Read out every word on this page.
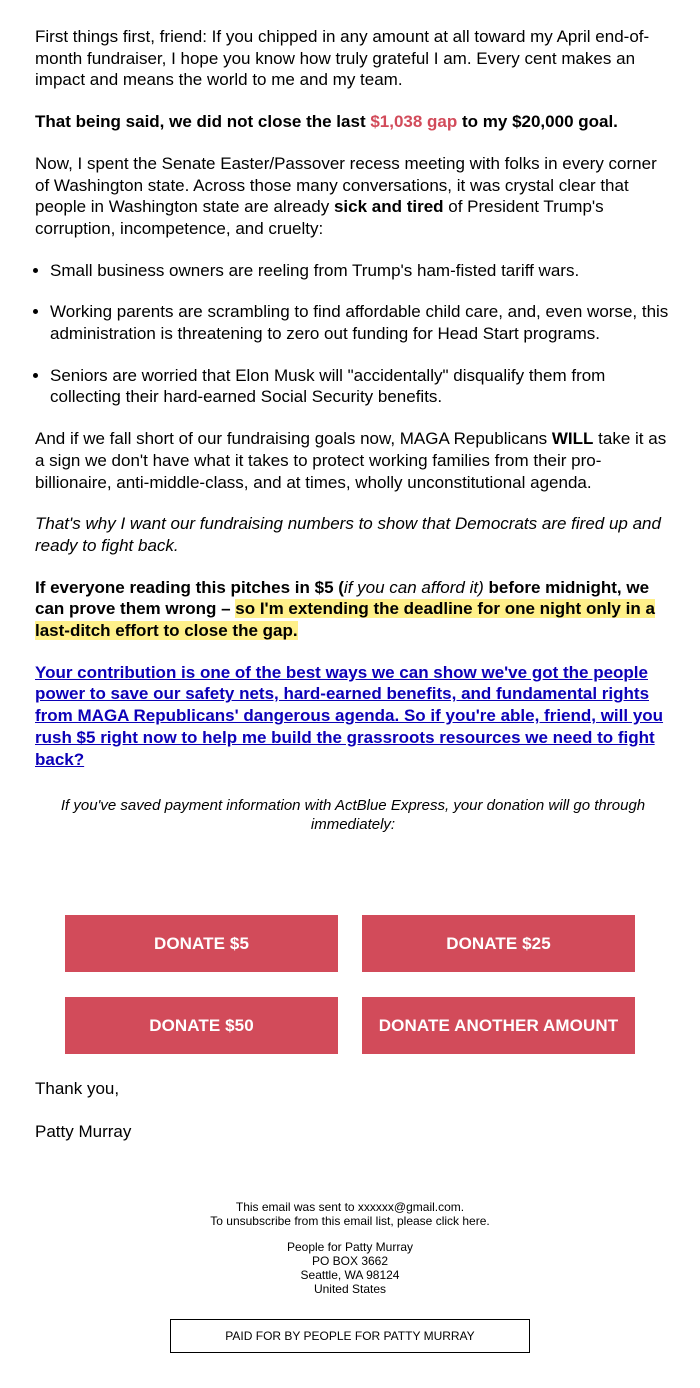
First things first, friend: If you chipped in any amount at all toward my April end-of-month fundraiser, I hope you know how truly grateful I am. Every cent makes an impact and means the world to me and my team.

That being said, we did not close the last $1,038 gap to my $20,000 goal.

Now, I spent the Senate Easter/Passover recess meeting with folks in every corner of Washington state. Across those many conversations, it was crystal clear that people in Washington state are already sick and tired of President Trump's corruption, incompetence, and cruelty:

• Small business owners are reeling from Trump's ham-fisted tariff wars.
• Working parents are scrambling to find affordable child care, and, even worse, this administration is threatening to zero out funding for Head Start programs.
• Seniors are worried that Elon Musk will "accidentally" disqualify them from collecting their hard-earned Social Security benefits.

And if we fall short of our fundraising goals now, MAGA Republicans WILL take it as a sign we don't have what it takes to protect working families from their pro-billionaire, anti-middle-class, and at times, wholly unconstitutional agenda.

That's why I want our fundraising numbers to show that Democrats are fired up and ready to fight back.

If everyone reading this pitches in $5 (if you can afford it) before midnight, we can prove them wrong – so I'm extending the deadline for one night only in a last-ditch effort to close the gap.

Your contribution is one of the best ways we can show we've got the people power to save our safety nets, hard-earned benefits, and fundamental rights from MAGA Republicans' dangerous agenda. So if you're able, friend, will you rush $5 right now to help me build the grassroots resources we need to fight back?

If you've saved payment information with ActBlue Express, your donation will go through immediately:

DONATE $5	DONATE $25
DONATE $50	DONATE ANOTHER AMOUNT
Thank you,
Patty Murray
This email was sent to xxxxxx@gmail.com.
To unsubscribe from this email list, please click here.
People for Patty Murray
PO BOX 3662
Seattle, WA 98124
United States
PAID FOR BY PEOPLE FOR PATTY MURRAY
